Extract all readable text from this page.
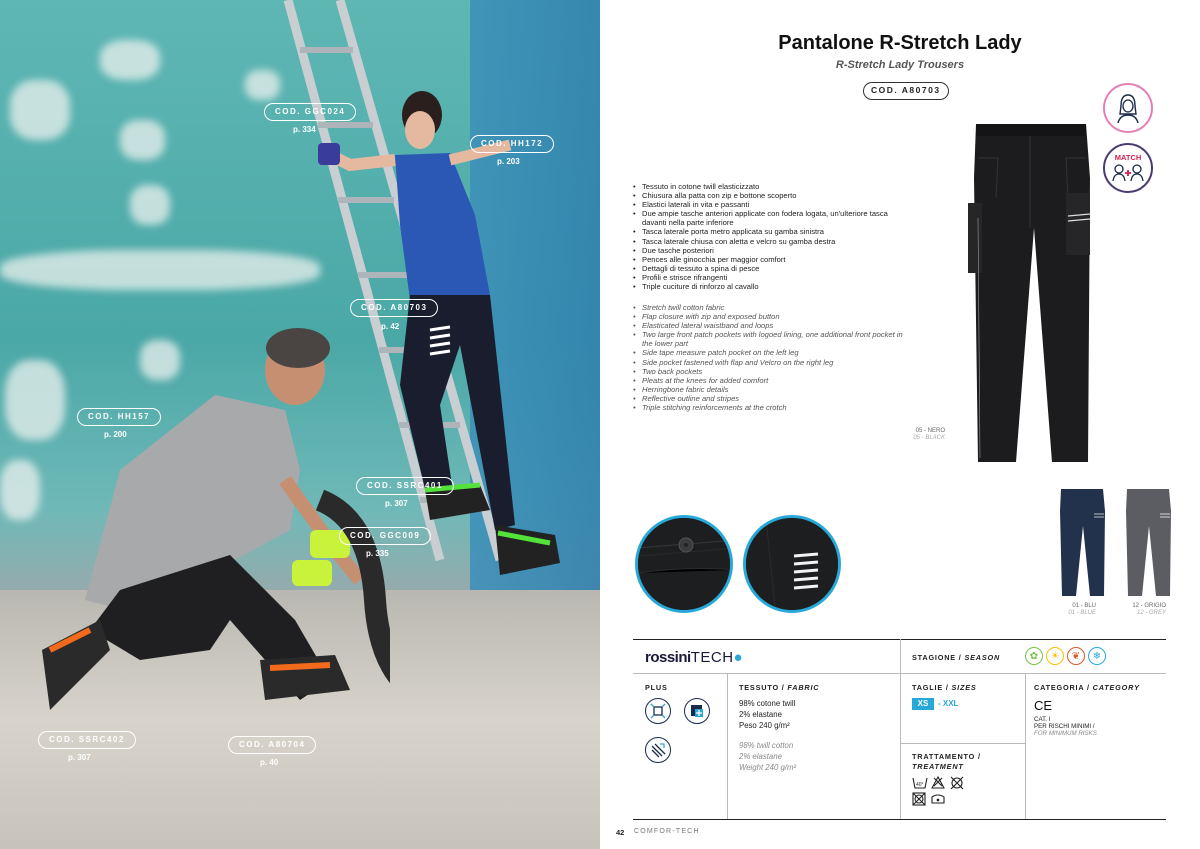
COD. GGC024
p. 334
COD. HH172
p. 203
COD. A80703
p. 42
COD. HH157
p. 200
COD. SSRC401
p. 307
COD. GGC009
p. 335
COD. SSRC402
p. 307
COD. A80704
p. 40
Pantalone R-Stretch Lady
R-Stretch Lady Trousers
COD. A80703
MATCH
• Tessuto in cotone twill elasticizzato
• Chiusura alla patta con zip e bottone scoperto
• Elastici laterali in vita e passanti
• Due ampie tasche anteriori applicate con fodera logata, un'ulteriore tasca davanti nella parte inferiore
• Tasca laterale porta metro applicata su gamba sinistra
• Tasca laterale chiusa con aletta e velcro su gamba destra
• Due tasche posteriori
• Pences alle ginocchia per maggior comfort
• Dettagli di tessuto a spina di pesce
• Profili e strisce rifrangenti
• Triple cuciture di rinforzo al cavallo
• Stretch twill cotton fabric
• Flap closure with zip and exposed button
• Elasticated lateral waistband and loops
• Two large front patch pockets with logoed lining, one additional front pocket in the lower part
• Side tape measure patch pocket on the left leg
• Side pocket fastened with flap and Velcro on the right leg
• Two back pockets
• Pleats at the knees for added comfort
• Herringbone fabric details
• Reflective outline and stripes
• Triple stitching reinforcements at the crotch
05 - NERO
05 - BLACK
01 - BLU
01 - BLUE
12 - GRIGIO
12 - GREY
rossiniTECH●	STAGIONE / SEASON	✿	☀	❦	❄
PLUS	TESSUTO / FABRIC
98% cotone twill
2% elastane
Peso 240 g/m²
98% twill cotton
2% elastane
Weight 240 g/m²
TAGLIE / SIZES
XS	- XXL
TRATTAMENTO /
TREATMENT
40°
CATEGORIA / CATEGORY
CE
CAT. I
PER RISCHI MINIMI /
FOR MINIMUM RISKS
42 COMFOR-TECH
